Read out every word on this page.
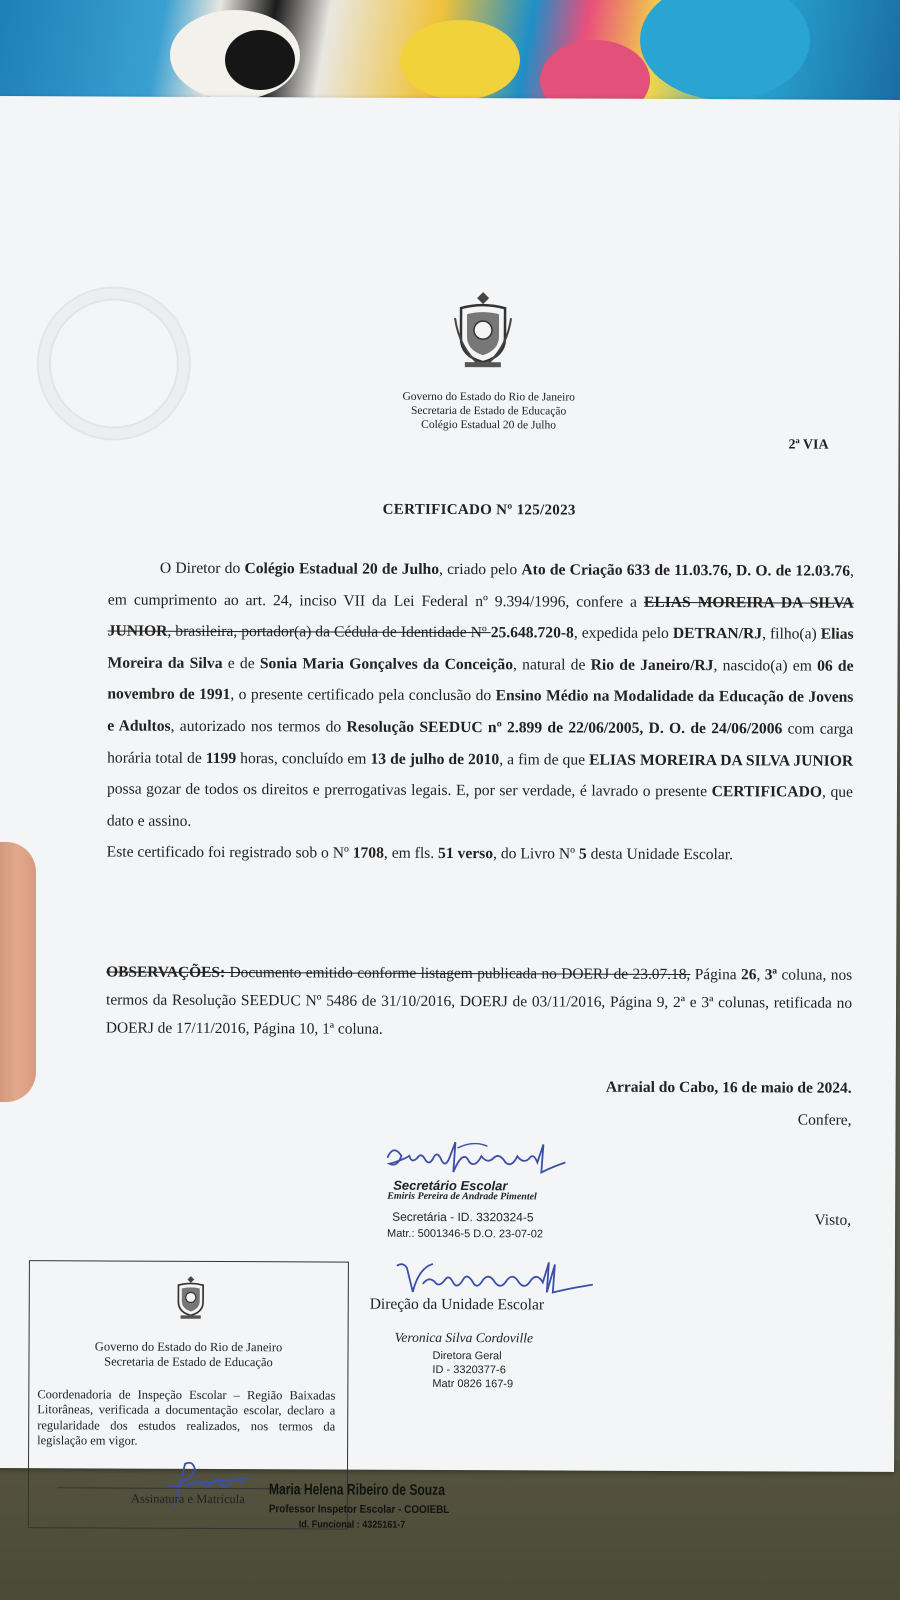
Governo do Estado do Rio de Janeiro
Secretaria de Estado de Educação
Colégio Estadual 20 de Julho
2ª VIA
CERTIFICADO Nº 125/2023
O Diretor do Colégio Estadual 20 de Julho, criado pelo Ato de Criação 633 de 11.03.76, D. O. de 12.03.76, em cumprimento ao art. 24, inciso VII da Lei Federal nº 9.394/1996, confere a ELIAS MOREIRA DA SILVA JUNIOR, brasileira, portador(a) da Cédula de Identidade Nº 25.648.720-8, expedida pelo DETRAN/RJ, filho(a) Elias Moreira da Silva e de Sonia Maria Gonçalves da Conceição, natural de Rio de Janeiro/RJ, nascido(a) em 06 de novembro de 1991, o presente certificado pela conclusão do Ensino Médio na Modalidade da Educação de Jovens e Adultos, autorizado nos termos do Resolução SEEDUC nº 2.899 de 22/06/2005, D. O. de 24/06/2006 com carga horária total de 1199 horas, concluído em 13 de julho de 2010, a fim de que ELIAS MOREIRA DA SILVA JUNIOR possa gozar de todos os direitos e prerrogativas legais. E, por ser verdade, é lavrado o presente CERTIFICADO, que dato e assino.
Este certificado foi registrado sob o Nº 1708, em fls. 51 verso, do Livro Nº 5 desta Unidade Escolar.
OBSERVAÇÕES: Documento emitido conforme listagem publicada no DOERJ de 23.07.18, Página 26, 3ª coluna, nos termos da Resolução SEEDUC Nº 5486 de 31/10/2016, DOERJ de 03/11/2016, Página 9, 2ª e 3ª colunas, retificada no DOERJ de 17/11/2016, Página 10, 1ª coluna.
Arraial do Cabo, 16 de maio de 2024.
Confere,
Visto,
Secretário Escolar
Emiris Pereira de Andrade Pimentel
Secretária - ID. 3320324-5
Matr.: 5001346-5 D.O. 23-07-02
Direção da Unidade Escolar
Veronica Silva Cordoville
Diretora Geral
ID - 3320377-6
Matr 0826 167-9
Governo do Estado do Rio de Janeiro
Secretaria de Estado de Educação
Coordenadoria de Inspeção Escolar – Região Baixadas Litorâneas, verificada a documentação escolar, declaro a regularidade dos estudos realizados, nos termos da legislação em vigor.
Assinatura e Matrícula	Maria Helena Ribeiro de Souza
Professor Inspetor Escolar - COOIEBL
Id. Funcional : 4325161-7
